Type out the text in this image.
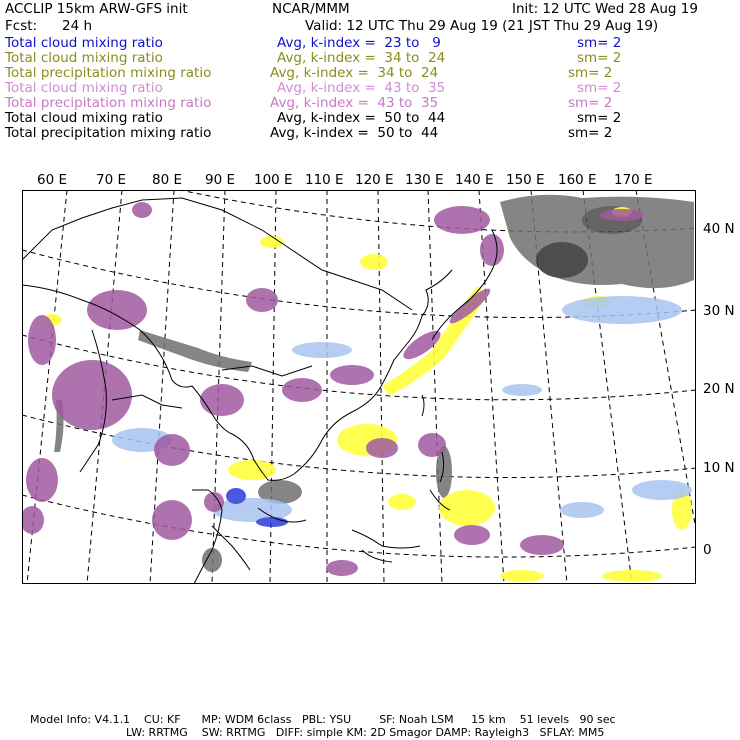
ACCLIP 15km ARW-GFS init	NCAR/MMM	Init: 12 UTC Wed 28 Aug 19
Fcst: 24 h	Valid: 12 UTC Thu 29 Aug 19 (21 JST Thu 29 Aug 19)
Total cloud mixing ratio	Avg, k-index =  23 to   9	sm= 2
Total cloud mixing ratio	Avg, k-index =  34 to  24	sm= 2
Total precipitation mixing ratio	Avg, k-index =  34 to  24	sm= 2
Total cloud mixing ratio	Avg, k-index =  43 to  35	sm= 2
Total precipitation mixing ratio	Avg, k-index =  43 to  35	sm= 2
Total cloud mixing ratio	Avg, k-index =  50 to  44	sm= 2
Total precipitation mixing ratio	Avg, k-index =  50 to  44	sm= 2
60 E 70 E 80 E 90 E 100 E 110 E 120 E 130 E 140 E 150 E 160 E 170 E
40 N
30 N
20 N
10 N
0
Model Info: V4.1.1    CU: KF      MP: WDM 6class   PBL: YSU        SF: Noah LSM     15 km    51 levels   90 sec
LW: RRTMG    SW: RRTMG   DIFF: simple KM: 2D Smagor DAMP: Rayleigh3   SFLAY: MM5
